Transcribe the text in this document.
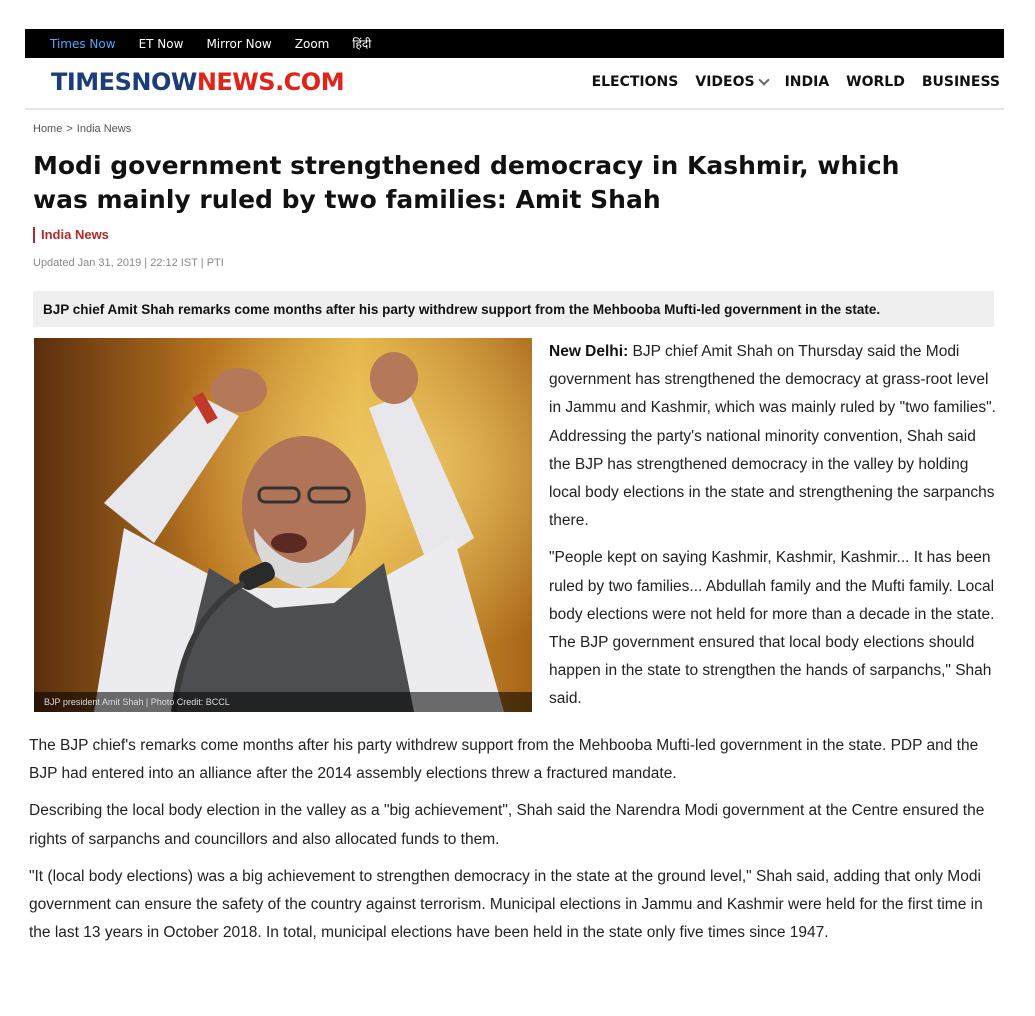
Times Now ET Now Mirror Now Zoom हिंदी
TIMESNOWNEWS.COM	ELECTIONS VIDEOS INDIA WORLD BUSINESS
Home > India News
Modi government strengthened democracy in Kashmir, which was mainly ruled by two families: Amit Shah
India News
Updated Jan 31, 2019 | 22:12 IST | PTI
BJP chief Amit Shah remarks come months after his party withdrew support from the Mehbooba Mufti-led government in the state.
BJP president Amit Shah | Photo Credit: BCCL

New Delhi: BJP chief Amit Shah on Thursday said the Modi government has strengthened the democracy at grass-root level in Jammu and Kashmir, which was mainly ruled by "two families". Addressing the party's national minority convention, Shah said the BJP has strengthened democracy in the valley by holding local body elections in the state and strengthening the sarpanchs there.

"People kept on saying Kashmir, Kashmir, Kashmir... It has been ruled by two families... Abdullah family and the Mufti family. Local body elections were not held for more than a decade in the state. The BJP government ensured that local body elections should happen in the state to strengthen the hands of sarpanchs," Shah said.

The BJP chief's remarks come months after his party withdrew support from the Mehbooba Mufti-led government in the state. PDP and the BJP had entered into an alliance after the 2014 assembly elections threw a fractured mandate.

Describing the local body election in the valley as a "big achievement", Shah said the Narendra Modi government at the Centre ensured the rights of sarpanchs and councillors and also allocated funds to them.

"It (local body elections) was a big achievement to strengthen democracy in the state at the ground level," Shah said, adding that only Modi government can ensure the safety of the country against terrorism. Municipal elections in Jammu and Kashmir were held for the first time in the last 13 years in October 2018. In total, municipal elections have been held in the state only five times since 1947.
